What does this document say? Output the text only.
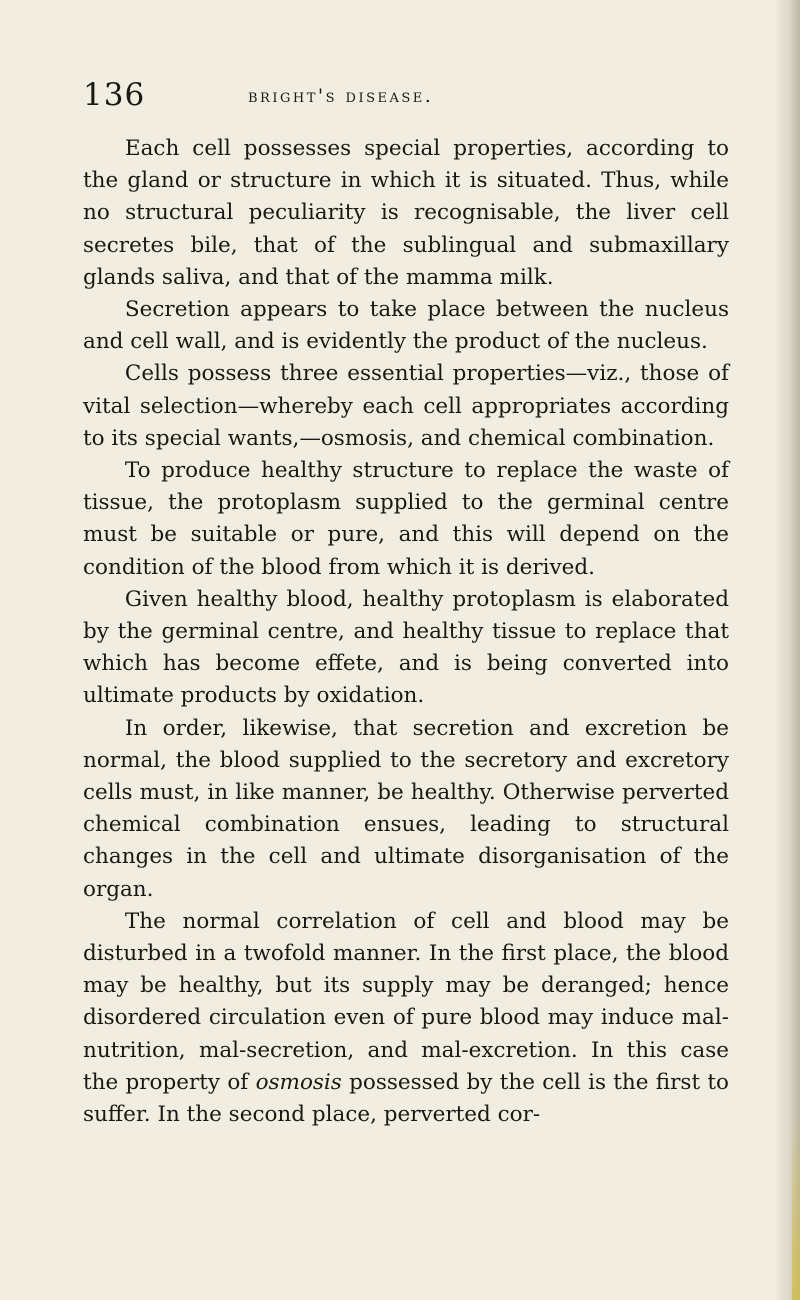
136	bright's disease.

Each cell possesses special properties, according to the gland or structure in which it is situated. Thus, while no structural peculiarity is recognisable, the liver cell secretes bile, that of the sublingual and submaxillary glands saliva, and that of the mamma milk.

Secretion appears to take place between the nucleus and cell wall, and is evidently the product of the nucleus.

Cells possess three essential properties—viz., those of vital selection—whereby each cell appropriates according to its special wants,—osmosis, and chemical combination.

To produce healthy structure to replace the waste of tissue, the protoplasm supplied to the germinal centre must be suitable or pure, and this will depend on the condition of the blood from which it is derived.

Given healthy blood, healthy protoplasm is elaborated by the germinal centre, and healthy tissue to replace that which has become effete, and is being converted into ultimate products by oxidation.

In order, likewise, that secretion and excretion be normal, the blood supplied to the secretory and excretory cells must, in like manner, be healthy. Otherwise perverted chemical combination ensues, leading to structural changes in the cell and ultimate disorganisation of the organ.

The normal correlation of cell and blood may be disturbed in a twofold manner. In the first place, the blood may be healthy, but its supply may be deranged; hence disordered circulation even of pure blood may induce mal-nutrition, mal-secretion, and mal-excretion. In this case the property of osmosis possessed by the cell is the first to suffer. In the second place, perverted cor-
